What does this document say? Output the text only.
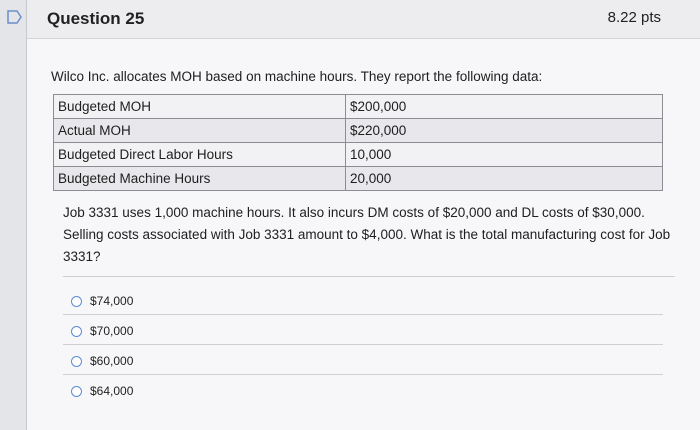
Question 25	8.22 pts
Wilco Inc. allocates MOH based on machine hours. They report the following data:
Budgeted MOH	$200,000
Actual MOH	$220,000
Budgeted Direct Labor Hours	10,000
Budgeted Machine Hours	20,000
Job 3331 uses 1,000 machine hours. It also incurs DM costs of $20,000 and DL costs of $30,000. Selling costs associated with Job 3331 amount to $4,000. What is the total manufacturing cost for Job 3331?
$74,000
$70,000
$60,000
$64,000
